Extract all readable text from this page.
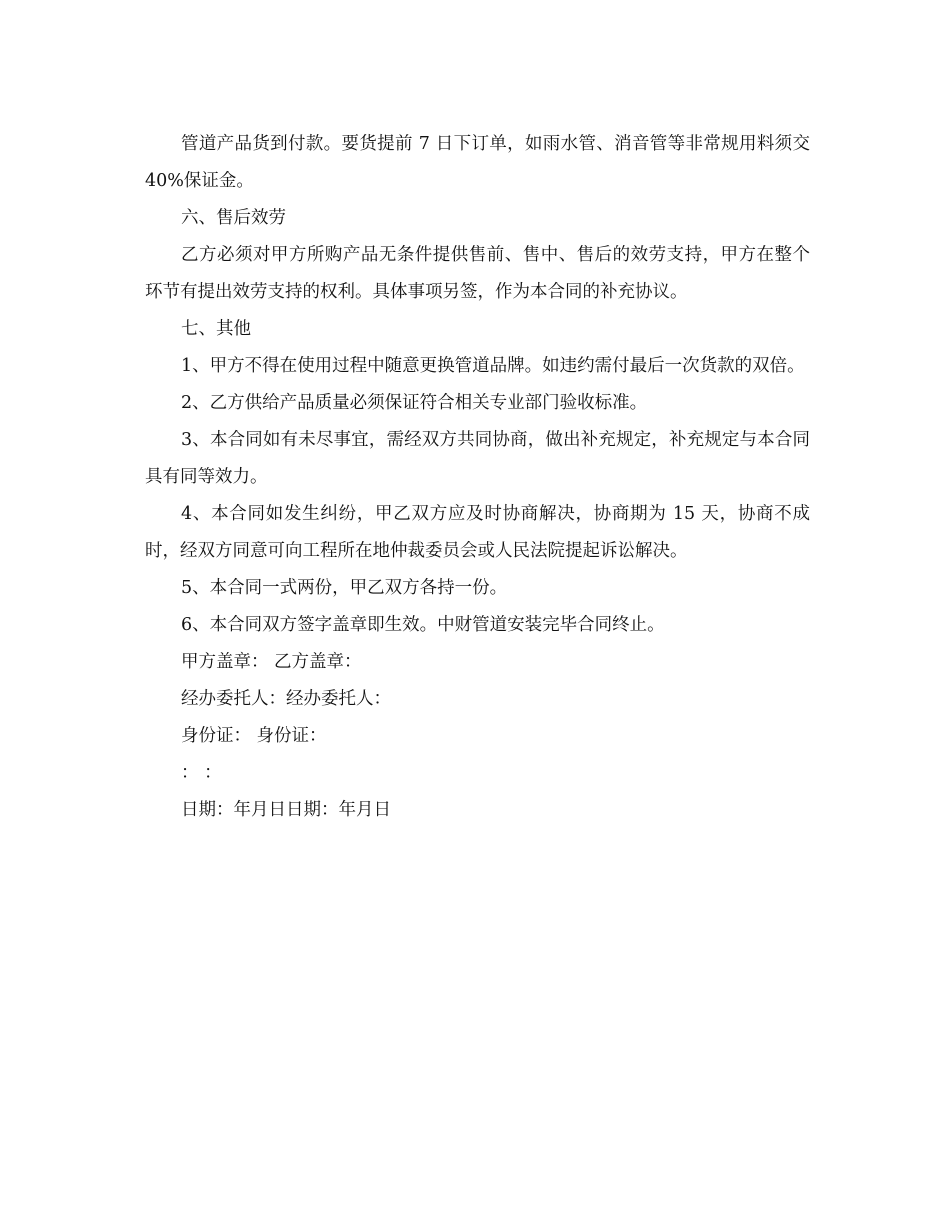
管道产品货到付款。要货提前 7 日下订单，如雨水管、消音管等非常规用料须交 40%保证金。

六、售后效劳

乙方必须对甲方所购产品无条件提供售前、售中、售后的效劳支持，甲方在整个环节有提出效劳支持的权利。具体事项另签，作为本合同的补充协议。

七、其他

1、甲方不得在使用过程中随意更换管道品牌。如违约需付最后一次货款的双倍。

2、乙方供给产品质量必须保证符合相关专业部门验收标准。

3、本合同如有未尽事宜，需经双方共同协商，做出补充规定，补充规定与本合同具有同等效力。

4、本合同如发生纠纷，甲乙双方应及时协商解决，协商期为 15 天，协商不成时，经双方同意可向工程所在地仲裁委员会或人民法院提起诉讼解决。

5、本合同一式两份，甲乙双方各持一份。

6、本合同双方签字盖章即生效。中财管道安装完毕合同终止。

甲方盖章： 乙方盖章：

经办委托人：经办委托人：

身份证： 身份证：

： ：

日期：年月日日期：年月日
